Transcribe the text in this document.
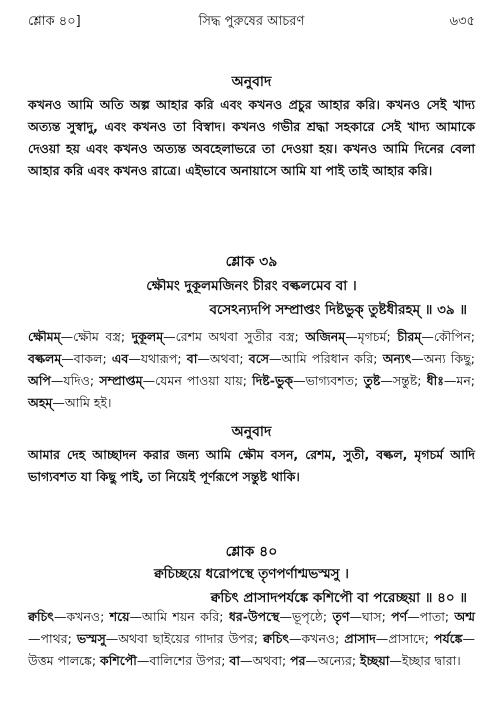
শ্লোক ৪০]	সিদ্ধ পুরুষের আচরণ	৬৩৫
অনুবাদ
কখনও আমি অতি অল্প আহার করি এবং কখনও প্রচুর আহার করি। কখনও সেই খাদ্য অত্যন্ত সুস্বাদু, এবং কখনও তা বিস্বাদ। কখনও গভীর শ্রদ্ধা সহকারে সেই খাদ্য আমাকে দেওয়া হয় এবং কখনও অত্যন্ত অবহেলাভরে তা দেওয়া হয়। কখনও আমি দিনের বেলা আহার করি এবং কখনও রাত্রে। এইভাবে অনায়াসে আমি যা পাই তাই আহার করি।
শ্লোক ৩৯
ক্ষৌমং দুকূলমজিনং চীরং বল্কলমেব বা ।
বসেঽন্যদপি সম্প্রাপ্তং দিষ্টভুক্ তুষ্টধীরহম্ ॥ ৩৯ ॥
ক্ষৌমম্—ক্ষৌম বস্ত্র; দুকূলম্—রেশম অথবা সুতীর বস্ত্র; অজিনম্—মৃগচর্ম; চীরম্—কৌপিন; বল্কলম্—বাকল; এব—যথারূপ; বা—অথবা; বসে—আমি পরিধান করি; অন্যৎ—অন্য কিছু; অপি—যদিও; সম্প্রাপ্তম্—যেমন পাওয়া যায়; দিষ্ট-ভুক্—ভাগ্যবশত; তুষ্ট—সন্তুষ্ট; ধীঃ—মন; অহম্—আমি হই।
অনুবাদ
আমার দেহ আচ্ছাদন করার জন্য আমি ক্ষৌম বসন, রেশম, সুতী, বল্কল, মৃগচর্ম আদি ভাগ্যবশত যা কিছু পাই, তা নিয়েই পূর্ণরূপে সন্তুষ্ট থাকি।
শ্লোক ৪০
ক্বচিচ্ছয়ে ধরোপস্থে তৃণপর্ণাশ্মভস্মসু ।
ক্বচিৎ প্রাসাদপর্যঙ্কে কশিপৌ বা পরেচ্ছয়া ॥ ৪০ ॥
ক্বচিৎ—কখনও; শয়ে—আমি শয়ন করি; ধর-উপস্থে—ভূপৃষ্ঠে; তৃণ—ঘাস; পর্ণ—পাতা; অশ্ম—পাথর; ভস্মসু—অথবা ছাইয়ের গাদার উপর; ক্বচিৎ—কখনও; প্রাসাদ—প্রাসাদে; পর্যঙ্কে—উত্তম পালঙ্কে; কশিপৌ—বালিশের উপর; বা—অথবা; পর—অন্যের; ইচ্ছয়া—ইচ্ছার দ্বারা।
